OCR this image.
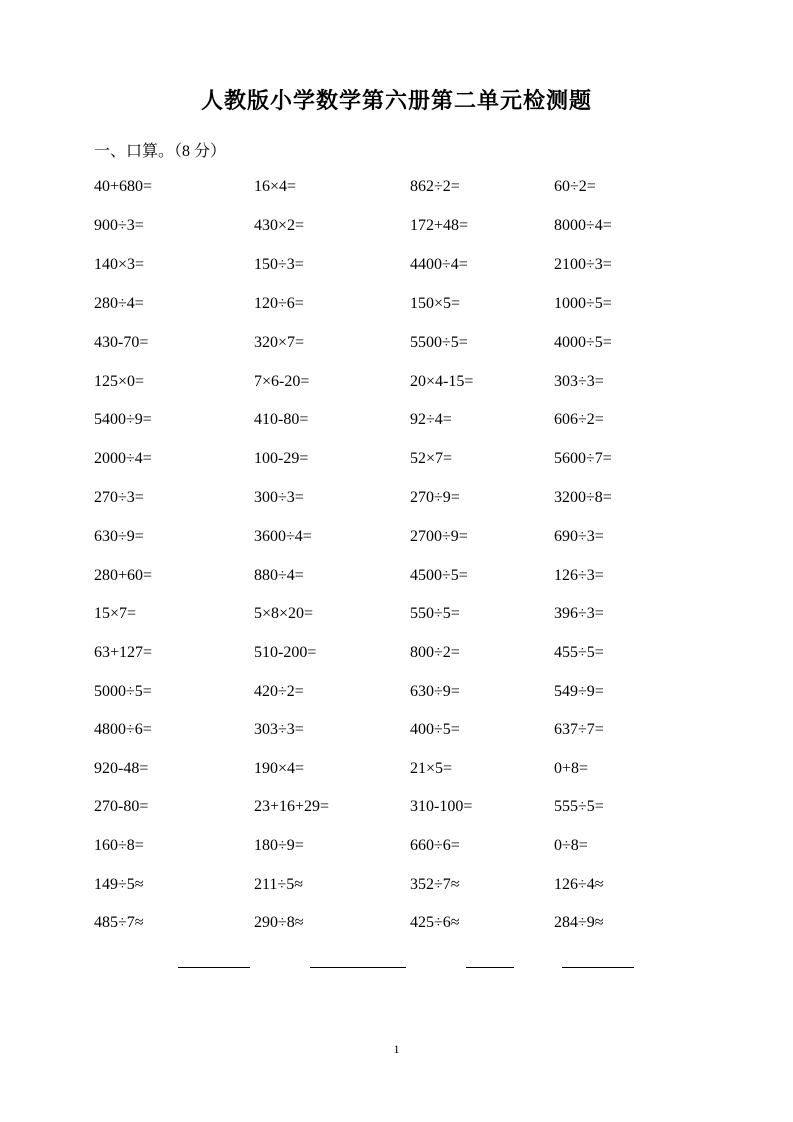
人教版小学数学第六册第二单元检测题
一、口算。（8 分）
40+680=	16×4=	862÷2=	60÷2=
900÷3=	430×2=	172+48=	8000÷4=
140×3=	150÷3=	4400÷4=	2100÷3=
280÷4=	120÷6=	150×5=	1000÷5=
430-70=	320×7=	5500÷5=	4000÷5=
125×0=	7×6-20=	20×4-15=	303÷3=
5400÷9=	410-80=	92÷4=	606÷2=
2000÷4=	100-29=	52×7=	5600÷7=
270÷3=	300÷3=	270÷9=	3200÷8=
630÷9=	3600÷4=	2700÷9=	690÷3=
280+60=	880÷4=	4500÷5=	126÷3=
15×7=	5×8×20=	550÷5=	396÷3=
63+127=	510-200=	800÷2=	455÷5=
5000÷5=	420÷2=	630÷9=	549÷9=
4800÷6=	303÷3=	400÷5=	637÷7=
920-48=	190×4=	21×5=	0+8=
270-80=	23+16+29=	310-100=	555÷5=
160÷8=	180÷9=	660÷6=	0÷8=
149÷5≈	211÷5≈	352÷7≈	126÷4≈
485÷7≈	290÷8≈	425÷6≈	284÷9≈
1
